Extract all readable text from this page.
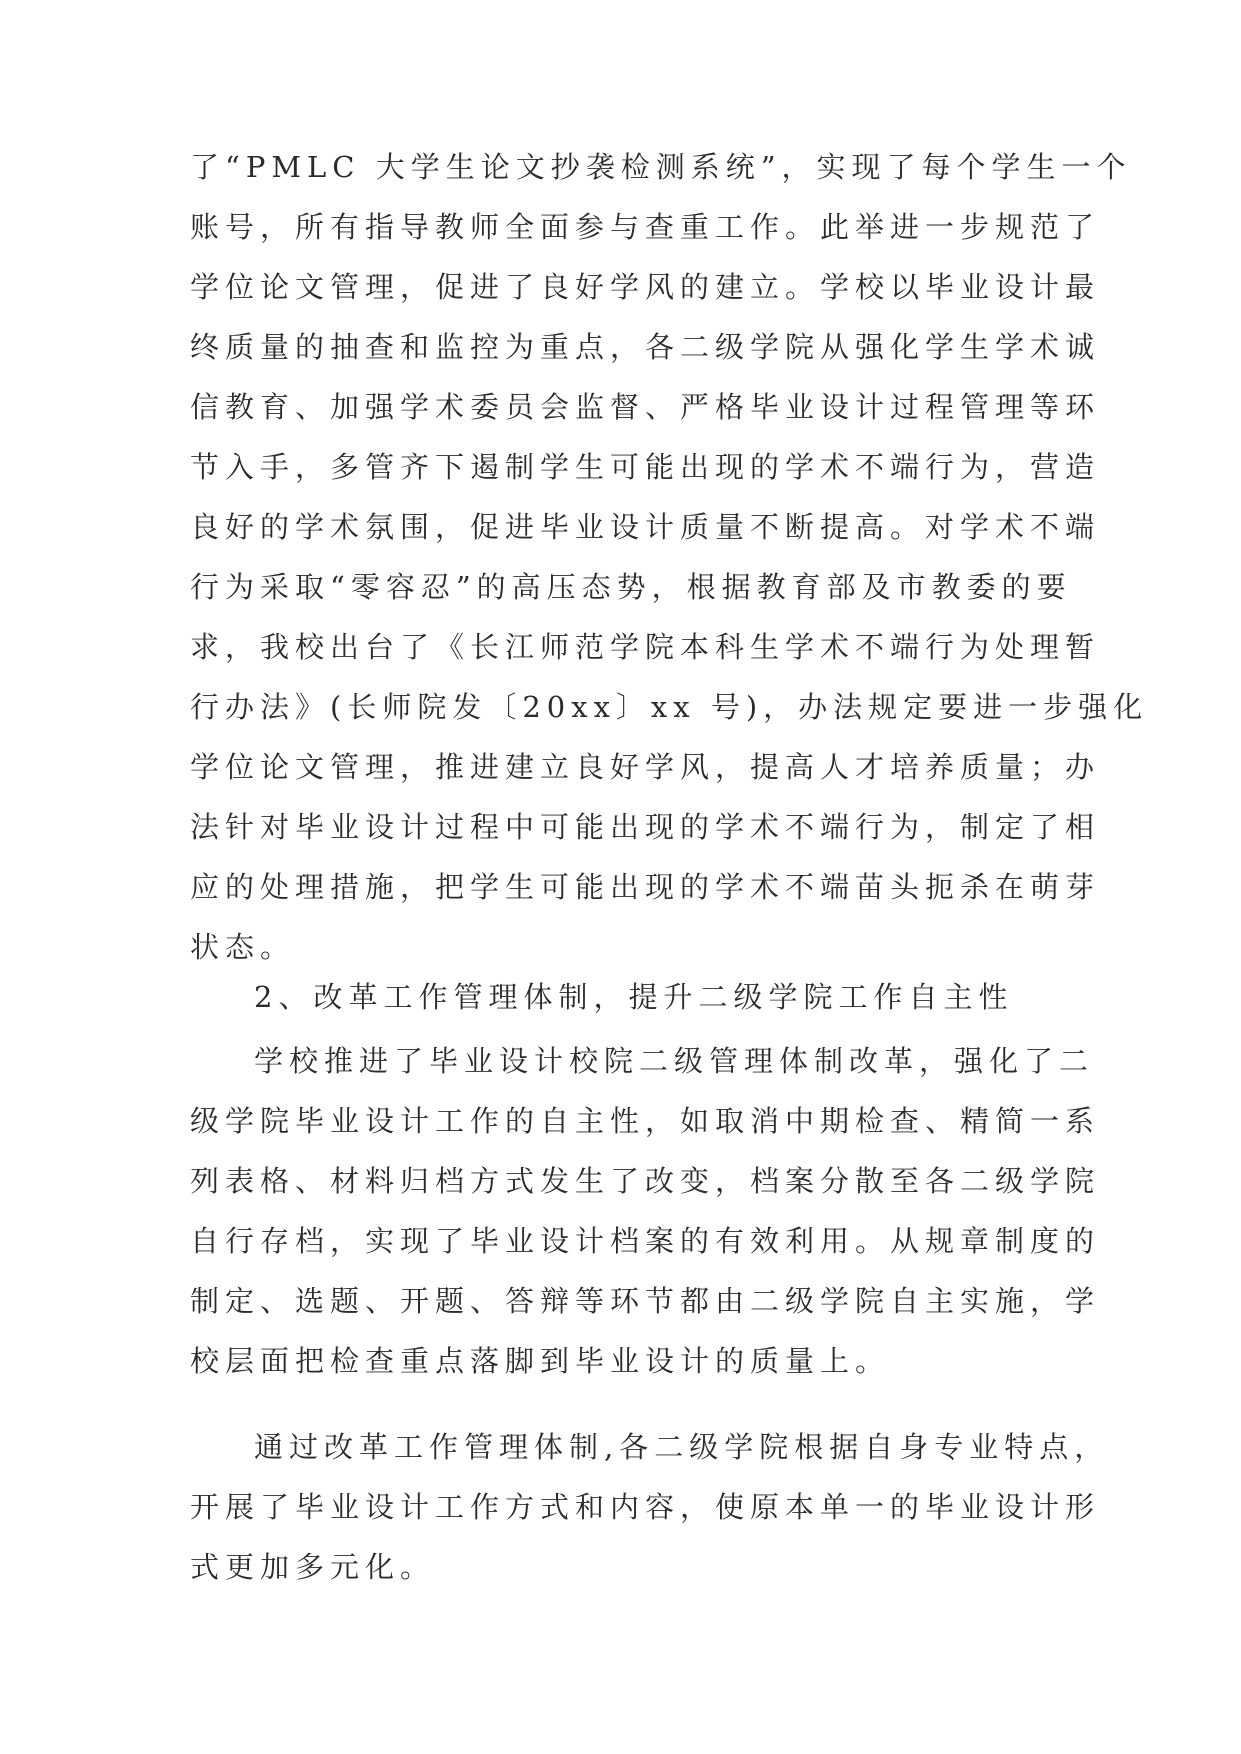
了“PMLC 大学生论文抄袭检测系统”，实现了每个学生一个
账号，所有指导教师全面参与查重工作。此举进一步规范了
学位论文管理，促进了良好学风的建立。学校以毕业设计最
终质量的抽查和监控为重点，各二级学院从强化学生学术诚
信教育、加强学术委员会监督、严格毕业设计过程管理等环
节入手，多管齐下遏制学生可能出现的学术不端行为，营造
良好的学术氛围，促进毕业设计质量不断提高。对学术不端
行为采取“零容忍”的高压态势，根据教育部及市教委的要
求，我校出台了《长江师范学院本科生学术不端行为处理暂
行办法》(长师院发〔20xx〕xx 号)，办法规定要进一步强化
学位论文管理，推进建立良好学风，提高人才培养质量；办
法针对毕业设计过程中可能出现的学术不端行为，制定了相
应的处理措施，把学生可能出现的学术不端苗头扼杀在萌芽
状态。
2、改革工作管理体制，提升二级学院工作自主性
学校推进了毕业设计校院二级管理体制改革，强化了二
级学院毕业设计工作的自主性，如取消中期检查、精简一系
列表格、材料归档方式发生了改变，档案分散至各二级学院
自行存档，实现了毕业设计档案的有效利用。从规章制度的
制定、选题、开题、答辩等环节都由二级学院自主实施，学
校层面把检查重点落脚到毕业设计的质量上。
通过改革工作管理体制,各二级学院根据自身专业特点，
开展了毕业设计工作方式和内容，使原本单一的毕业设计形
式更加多元化。
